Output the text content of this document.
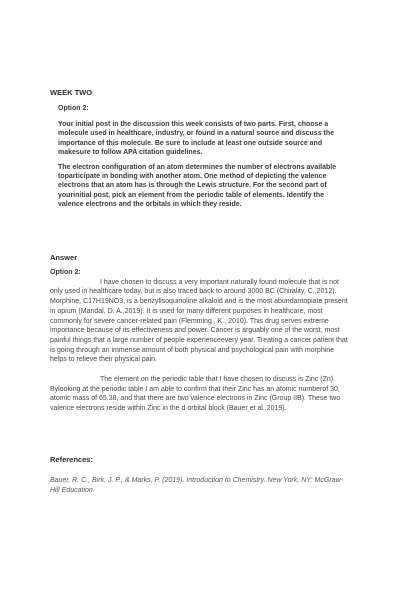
WEEK TWO

Option 2:

Your initial post in the discussion this week consists of two parts. First, choose a molecule used in healthcare, industry, or found in a natural source and discuss the importance of this molecule. Be sure to include at least one outside source and makesure to follow APA citation guidelines.

The electron configuration of an atom determines the number of electrons available toparticipate in bonding with another atom. One method of depicting the valence electrons that an atom has is through the Lewis structure. For the second part of yourinitial post, pick an element from the periodic table of elements. Identify the valence electrons and the orbitals in which they reside.

Answer

Option 2:

I have chosen to discuss a very important naturally found molecule that is not only used in healthcare today, but is also traced back to around 3000 BC (Chirality, C.,2012). Morphine, C17H19NO3, is a benzylisoquinoline alkaloid and is the most abundantopiate present in opium (Mandal, D. A.,2019). It is used for many different purposes in healthcare, most commonly for severe cancer-related pain (Flemming , K., 2010). This drug serves extreme importance because of its effectiveness and power. Cancer is arguably one of the worst, most painful things that a large number of people experienceevery year. Treating a cancer patient that is going through an immense amount of both physical and psychological pain with morphine helps to relieve their physical pain.

The element on the periodic table that I have chosen to discuss is Zinc (Zn). Bylooking at the periodic table I am able to confirm that their Zinc has an atomic numberof 30, atomic mass of 65.38, and that there are two valence electrons in Zinc (Group IIB). These two valence electrons reside within Zinc in the d orbital block (Bauer et al.,2019).

References:
Bauer, R. C., Birk, J. P., & Marks, P. (2019). Introduction to Chemistry. New York, NY: McGraw-Hill Education.
